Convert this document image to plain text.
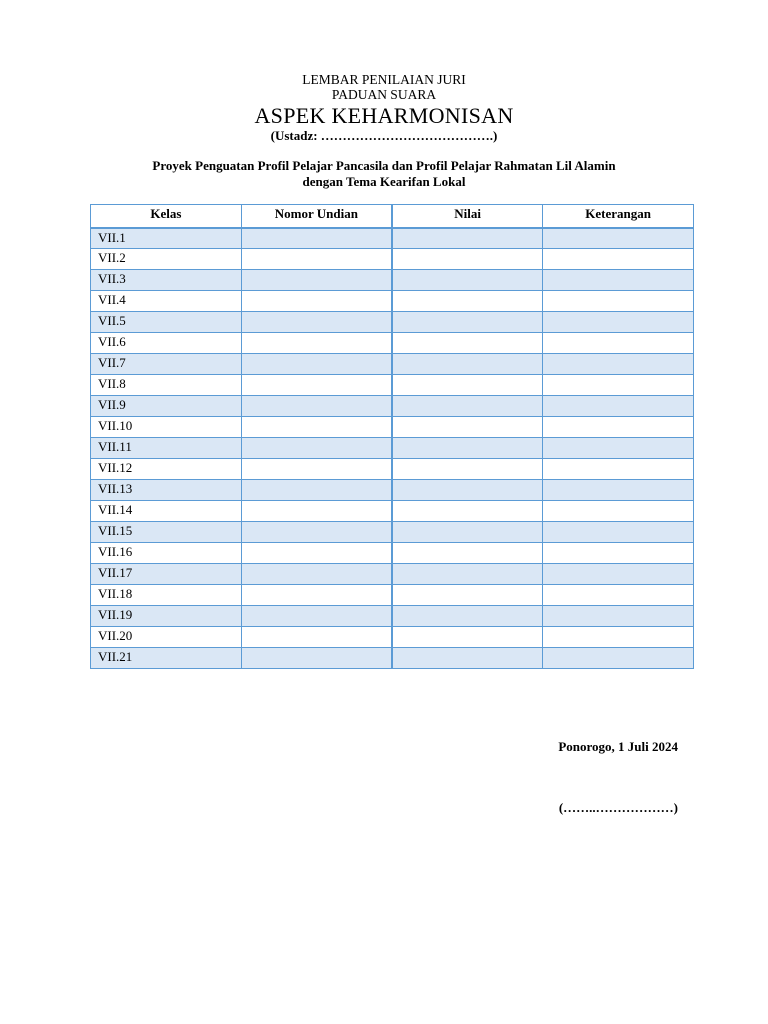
LEMBAR PENILAIAN JURI
PADUAN SUARA
ASPEK KEHARMONISAN
(Ustadz: ………………………………….)
Proyek Penguatan Profil Pelajar Pancasila dan Profil Pelajar Rahmatan Lil Alamin
dengan Tema Kearifan Lokal
Kelas	Nomor Undian	Nilai	Keterangan
VII.1			
VII.2			
VII.3			
VII.4			
VII.5			
VII.6			
VII.7			
VII.8			
VII.9			
VII.10			
VII.11			
VII.12			
VII.13			
VII.14			
VII.15			
VII.16			
VII.17			
VII.18			
VII.19			
VII.20			
VII.21			
Ponorogo, 1 Juli 2024
(……..………………)
